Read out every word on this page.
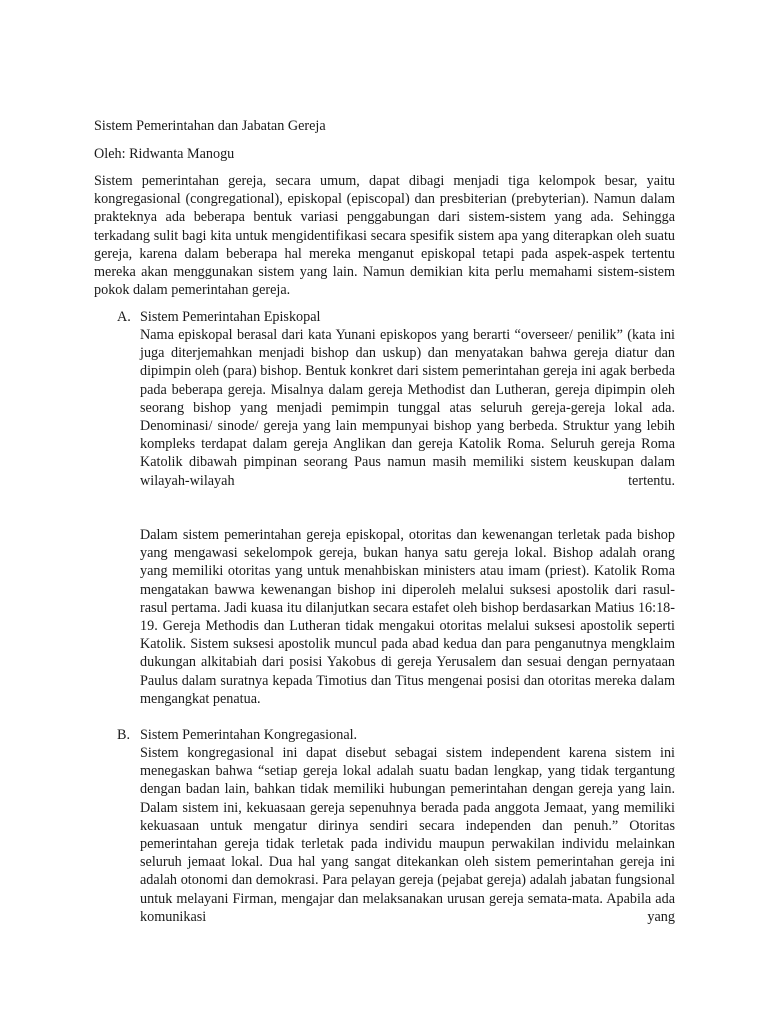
Sistem Pemerintahan dan Jabatan Gereja
Oleh: Ridwanta Manogu

Sistem pemerintahan gereja, secara umum, dapat dibagi menjadi tiga kelompok besar, yaitu kongregasional (congregational), episkopal (episcopal) dan presbiterian (prebyterian). Namun dalam prakteknya ada beberapa bentuk variasi penggabungan dari sistem-sistem yang ada. Sehingga terkadang sulit bagi kita untuk mengidentifikasi secara spesifik sistem apa yang diterapkan oleh suatu gereja, karena dalam beberapa hal mereka menganut episkopal tetapi pada aspek-aspek tertentu mereka akan menggunakan sistem yang lain. Namun demikian kita perlu memahami sistem-sistem pokok dalam pemerintahan gereja.

A. Sistem Pemerintahan Episkopal

Nama episkopal berasal dari kata Yunani episkopos yang berarti “overseer/ penilik” (kata ini juga diterjemahkan menjadi bishop dan uskup) dan menyatakan bahwa gereja diatur dan dipimpin oleh (para) bishop. Bentuk konkret dari sistem pemerintahan gereja ini agak berbeda pada beberapa gereja. Misalnya dalam gereja Methodist dan Lutheran, gereja dipimpin oleh seorang bishop yang menjadi pemimpin tunggal atas seluruh gereja-gereja lokal ada. Denominasi/ sinode/ gereja yang lain mempunyai bishop yang berbeda. Struktur yang lebih kompleks terdapat dalam gereja Anglikan dan gereja Katolik Roma. Seluruh gereja Roma Katolik dibawah pimpinan seorang Paus namun masih memiliki sistem keuskupan dalam wilayah-wilayah tertentu.

Dalam sistem pemerintahan gereja episkopal, otoritas dan kewenangan terletak pada bishop yang mengawasi sekelompok gereja, bukan hanya satu gereja lokal. Bishop adalah orang yang memiliki otoritas yang untuk menahbiskan ministers atau imam (priest). Katolik Roma mengatakan bawwa kewenangan bishop ini diperoleh melalui suksesi apostolik dari rasul-rasul pertama. Jadi kuasa itu dilanjutkan secara estafet oleh bishop berdasarkan Matius 16:18-19. Gereja Methodis dan Lutheran tidak mengakui otoritas melalui suksesi apostolik seperti Katolik. Sistem suksesi apostolik muncul pada abad kedua dan para penganutnya mengklaim dukungan alkitabiah dari posisi Yakobus di gereja Yerusalem dan sesuai dengan pernyataan Paulus dalam suratnya kepada Timotius dan Titus mengenai posisi dan otoritas mereka dalam mengangkat penatua.

B. Sistem Pemerintahan Kongregasional.

Sistem kongregasional ini dapat disebut sebagai sistem independent karena sistem ini menegaskan bahwa “setiap gereja lokal adalah suatu badan lengkap, yang tidak tergantung dengan badan lain, bahkan tidak memiliki hubungan pemerintahan dengan gereja yang lain. Dalam sistem ini, kekuasaan gereja sepenuhnya berada pada anggota Jemaat, yang memiliki kekuasaan untuk mengatur dirinya sendiri secara independen dan penuh.” Otoritas pemerintahan gereja tidak terletak pada individu maupun perwakilan individu melainkan seluruh jemaat lokal. Dua hal yang sangat ditekankan oleh sistem pemerintahan gereja ini adalah otonomi dan demokrasi. Para pelayan gereja (pejabat gereja) adalah jabatan fungsional untuk melayani Firman, mengajar dan melaksanakan urusan gereja semata-mata. Apabila ada komunikasi yang
